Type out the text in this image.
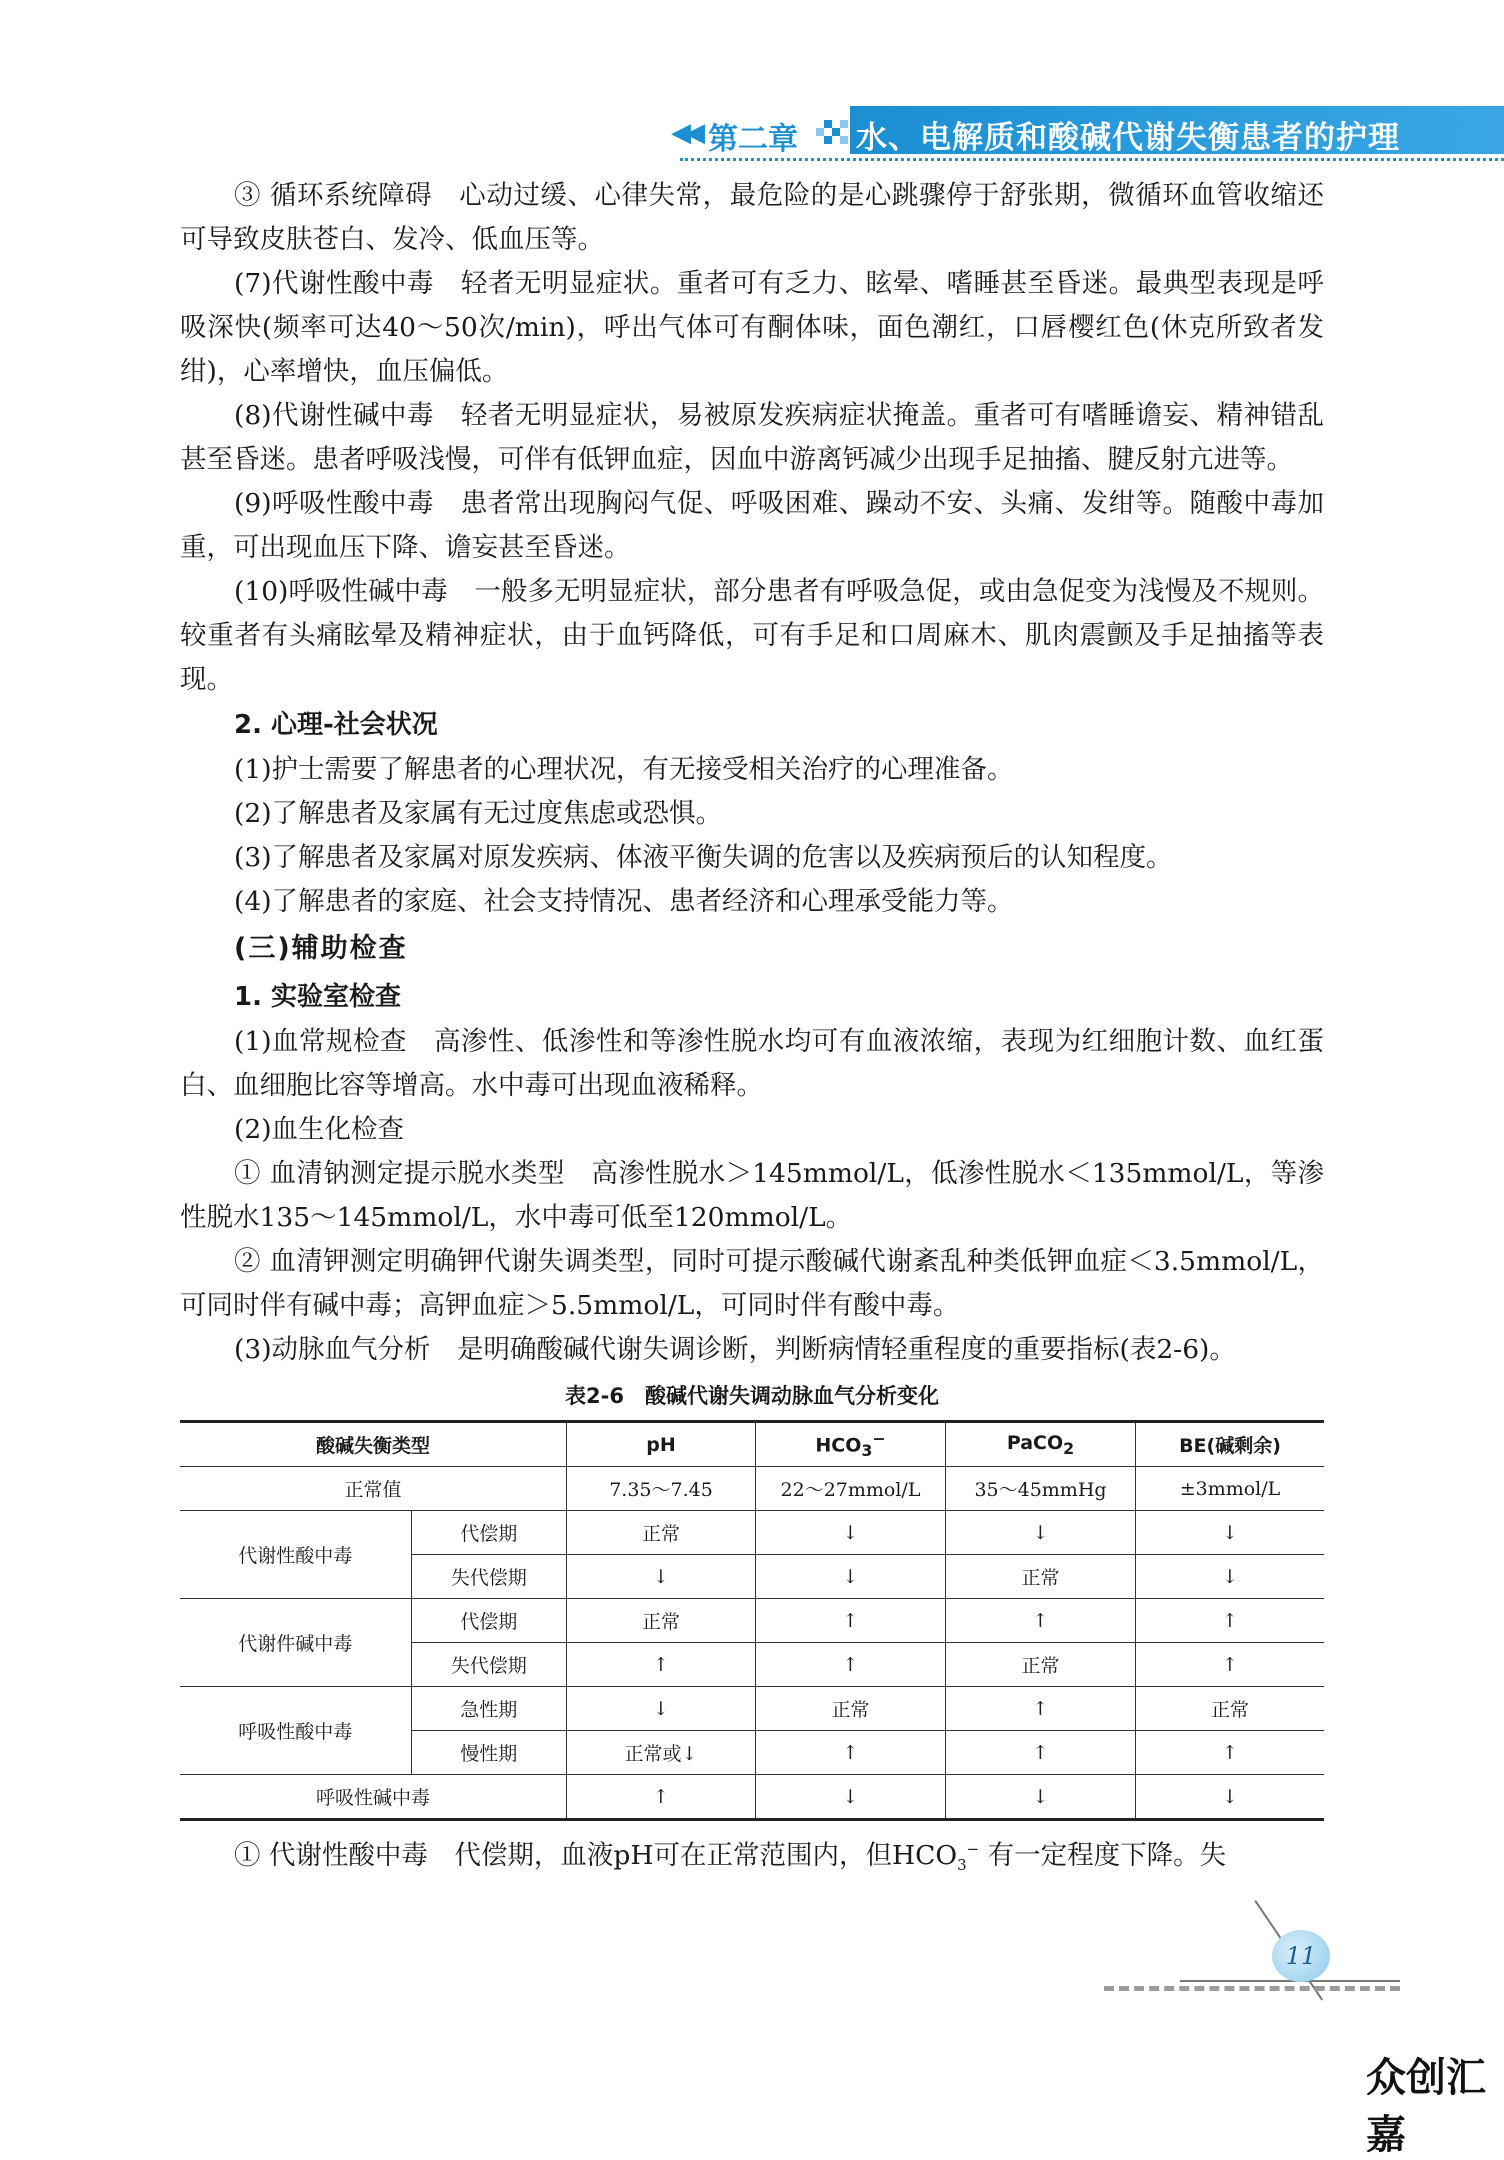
◀◀ 第二章 水、电解质和酸碱代谢失衡患者的护理

③ 循环系统障碍　心动过缓、心律失常，最危险的是心跳骤停于舒张期，微循环血管收缩还可导致皮肤苍白、发冷、低血压等。

(7)代谢性酸中毒　轻者无明显症状。重者可有乏力、眩晕、嗜睡甚至昏迷。最典型表现是呼吸深快(频率可达40～50次/min)，呼出气体可有酮体味，面色潮红，口唇樱红色(休克所致者发绀)，心率增快，血压偏低。

(8)代谢性碱中毒　轻者无明显症状，易被原发疾病症状掩盖。重者可有嗜睡谵妄、精神错乱甚至昏迷。患者呼吸浅慢，可伴有低钾血症，因血中游离钙减少出现手足抽搐、腱反射亢进等。

(9)呼吸性酸中毒　患者常出现胸闷气促、呼吸困难、躁动不安、头痛、发绀等。随酸中毒加重，可出现血压下降、谵妄甚至昏迷。

(10)呼吸性碱中毒　一般多无明显症状，部分患者有呼吸急促，或由急促变为浅慢及不规则。较重者有头痛眩晕及精神症状，由于血钙降低，可有手足和口周麻木、肌肉震颤及手足抽搐等表现。

2. 心理-社会状况

(1)护士需要了解患者的心理状况，有无接受相关治疗的心理准备。

(2)了解患者及家属有无过度焦虑或恐惧。

(3)了解患者及家属对原发疾病、体液平衡失调的危害以及疾病预后的认知程度。

(4)了解患者的家庭、社会支持情况、患者经济和心理承受能力等。

(三)辅助检查
1. 实验室检查

(1)血常规检查　高渗性、低渗性和等渗性脱水均可有血液浓缩，表现为红细胞计数、血红蛋白、血细胞比容等增高。水中毒可出现血液稀释。

(2)血生化检查

① 血清钠测定提示脱水类型　高渗性脱水＞145mmol/L，低渗性脱水＜135mmol/L，等渗性脱水135～145mmol/L，水中毒可低至120mmol/L。

② 血清钾测定明确钾代谢失调类型，同时可提示酸碱代谢紊乱种类低钾血症＜3.5mmol/L，可同时伴有碱中毒；高钾血症＞5.5mmol/L，可同时伴有酸中毒。

(3)动脉血气分析　是明确酸碱代谢失调诊断，判断病情轻重程度的重要指标(表2-6)。

表2-6　酸碱代谢失调动脉血气分析变化
酸碱失衡类型		pH	$HCO_3^-$	PaCO$_2$	BE(碱剩余)
正常值		7.35～7.45	22～27mmol/L	35～45mmHg	±3mmol/L
代谢性酸中毒	代偿期	正常	↓	↓	↓
	失代偿期	↓	↓	正常	↓
代谢件碱中毒	代偿期	正常	↑	↑	↑
	失代偿期	↑	↑	正常	↑
呼吸性酸中毒	急性期	↓	正常	↑	正常
	慢性期	正常或↓	↑	↑	↑
呼吸性碱中毒		↑	↓	↓	↓

① 代谢性酸中毒　代偿期，血液pH可在正常范围内，但$HCO_3^-$ 有一定程度下降。失

11
众创汇嘉
